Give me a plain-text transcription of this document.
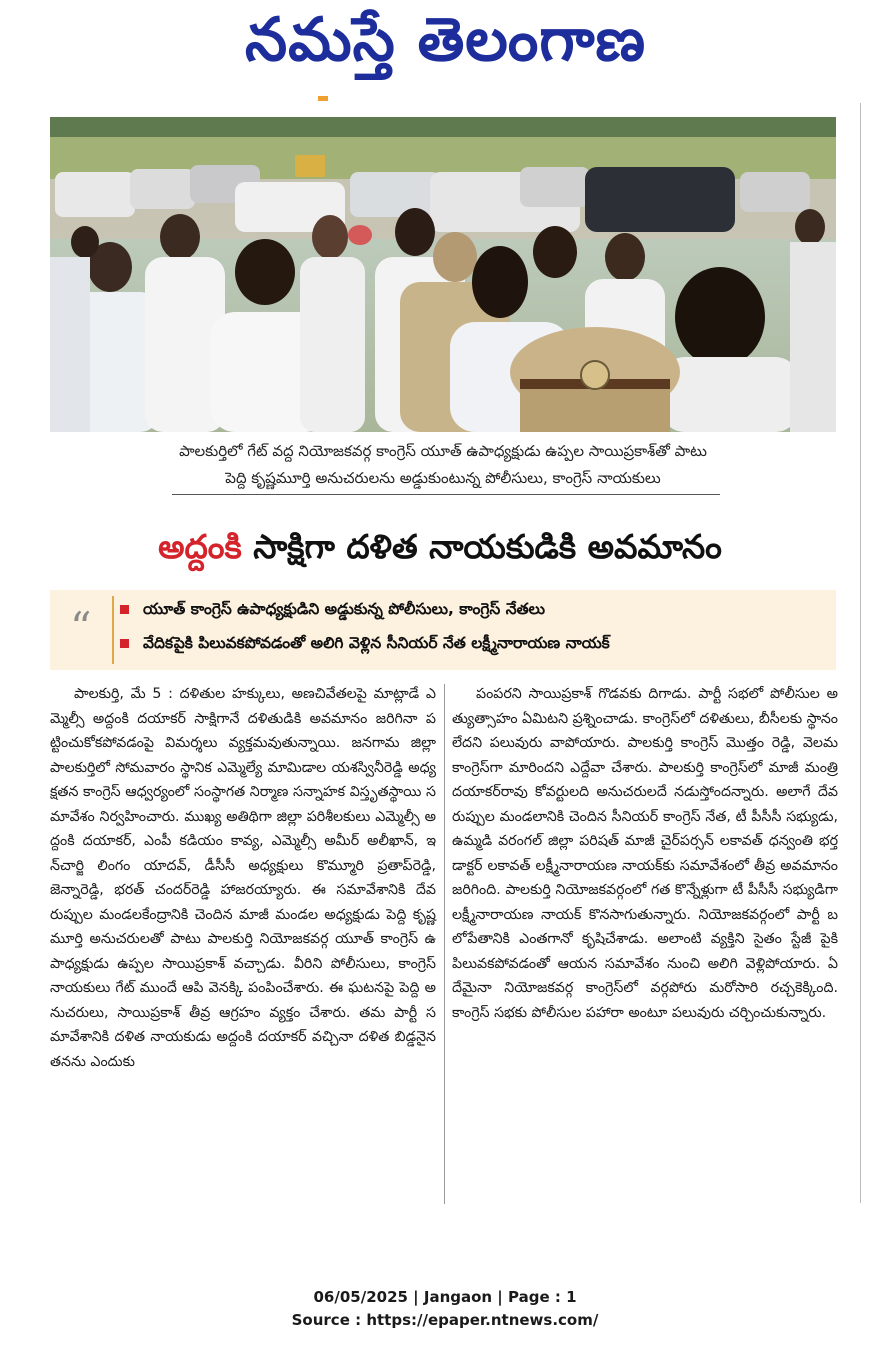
నమస్తే తెలంగాణ
పాలకుర్తిలో గేట్ వద్ద నియోజకవర్గ కాంగ్రెస్ యూత్ ఉపాధ్యక్షుడు ఉప్పల సాయిప్రకాశ్‌తో పాటు
పెద్ది కృష్ణమూర్తి అనుచరులను అడ్డుకుంటున్న పోలీసులు, కాంగ్రెస్ నాయకులు
అద్దంకి సాక్షిగా దళిత నాయకుడికి అవమానం
“	యూత్ కాంగ్రెస్ ఉపాధ్యక్షుడిని అడ్డుకున్న పోలీసులు, కాంగ్రెస్ నేతలు
వేదికపైకి పిలువకపోవడంతో అలిగి వెళ్లిన సీనియర్ నేత లక్ష్మీనారాయణ నాయక్

పాలకుర్తి, మే 5 : దళితుల హక్కులు, అణచివేతలపై మాట్లాడే ఎమ్మెల్సీ అద్దంకి దయాకర్ సాక్షిగానే దళితుడికి అవమానం జరిగినా పట్టించుకోకపోవడంపై విమర్శలు వ్యక్తమవుతున్నాయి. జనగామ జిల్లా పాలకుర్తిలో సోమవారం స్థానిక ఎమ్మెల్యే మామిడాల యశస్వినీరెడ్డి అధ్యక్షతన కాంగ్రెస్ ఆధ్వర్యంలో సంస్థాగత నిర్మాణ సన్నాహక విస్తృతస్థాయి సమావేశం నిర్వహించారు. ముఖ్య అతిథిగా జిల్లా పరిశీలకులు ఎమ్మెల్సీ అద్దంకి దయాకర్, ఎంపీ కడియం కావ్య, ఎమ్మెల్సీ అమీర్ అలీఖాన్, ఇన్‌చార్జి లింగం యాదవ్, డీసీసీ అధ్యక్షులు కొమ్మూరి ప్రతాప్‌రెడ్డి, జెన్నారెడ్డి, భరత్ చందర్‌రెడ్డి హాజరయ్యారు. ఈ సమావేశానికి దేవరుప్పుల మండలకేంద్రానికి చెందిన మాజీ మండల అధ్యక్షుడు పెద్ది కృష్ణమూర్తి అనుచరులతో పాటు పాలకుర్తి నియోజకవర్గ యూత్ కాంగ్రెస్ ఉపాధ్యక్షుడు ఉప్పల సాయిప్రకాశ్ వచ్చాడు. వీరిని పోలీసులు, కాంగ్రెస్ నాయకులు గేట్ ముందే ఆపి వెనక్కి పంపించేశారు. ఈ ఘటనపై పెద్ది అనుచరులు, సాయిప్రకాశ్ తీవ్ర ఆగ్రహం వ్యక్తం చేశారు. తమ పార్టీ సమావేశానికి దళిత నాయకుడు అద్దంకి దయాకర్ వచ్చినా దళిత బిడ్డనైన తనను ఎందుకు

పంపరని సాయిప్రకాశ్ గొడవకు దిగాడు. పార్టీ సభలో పోలీసుల అత్యుత్సాహం ఏమిటని ప్రశ్నించాడు. కాంగ్రెస్‌లో దళితులు, బీసీలకు స్థానం లేదని పలువురు వాపోయారు. పాలకుర్తి కాంగ్రెస్ మొత్తం రెడ్డి, వెలమ కాంగ్రెస్‌గా మారిందని ఎద్దేవా చేశారు. పాలకుర్తి కాంగ్రెస్‌లో మాజీ మంత్రి దయాకర్‌రావు కోవర్టులది అనుచరులదే నడుస్తోందన్నారు. అలాగే దేవరుప్పుల మండలానికి చెందిన సీనియర్ కాంగ్రెస్ నేత, టీ పీసీసీ సభ్యుడు, ఉమ్మడి వరంగల్ జిల్లా పరిషత్ మాజీ చైర్‌పర్సన్ లకావత్ ధన్వంతి భర్త డాక్టర్ లకావత్ లక్ష్మీనారాయణ నాయక్‌కు సమావేశంలో తీవ్ర అవమానం జరిగింది. పాలకుర్తి నియోజకవర్గంలో గత కొన్నేళ్లుగా టీ పీసీసీ సభ్యుడిగా లక్ష్మీనారాయణ నాయక్ కొనసాగుతున్నారు. నియోజకవర్గంలో పార్టీ బలోపేతానికి ఎంతగానో కృషిచేశాడు. అలాంటి వ్యక్తిని సైతం స్టేజీ పైకి పిలువకపోవడంతో ఆయన సమావేశం నుంచి అలిగి వెళ్లిపోయారు. ఏదేమైనా నియోజకవర్గ కాంగ్రెస్‌లో వర్గపోరు మరోసారి రచ్చకెక్కింది. కాంగ్రెస్ సభకు పోలీసుల పహారా అంటూ పలువురు చర్చించుకున్నారు.

06/05/2025 | Jangaon | Page : 1
Source : https://epaper.ntnews.com/
